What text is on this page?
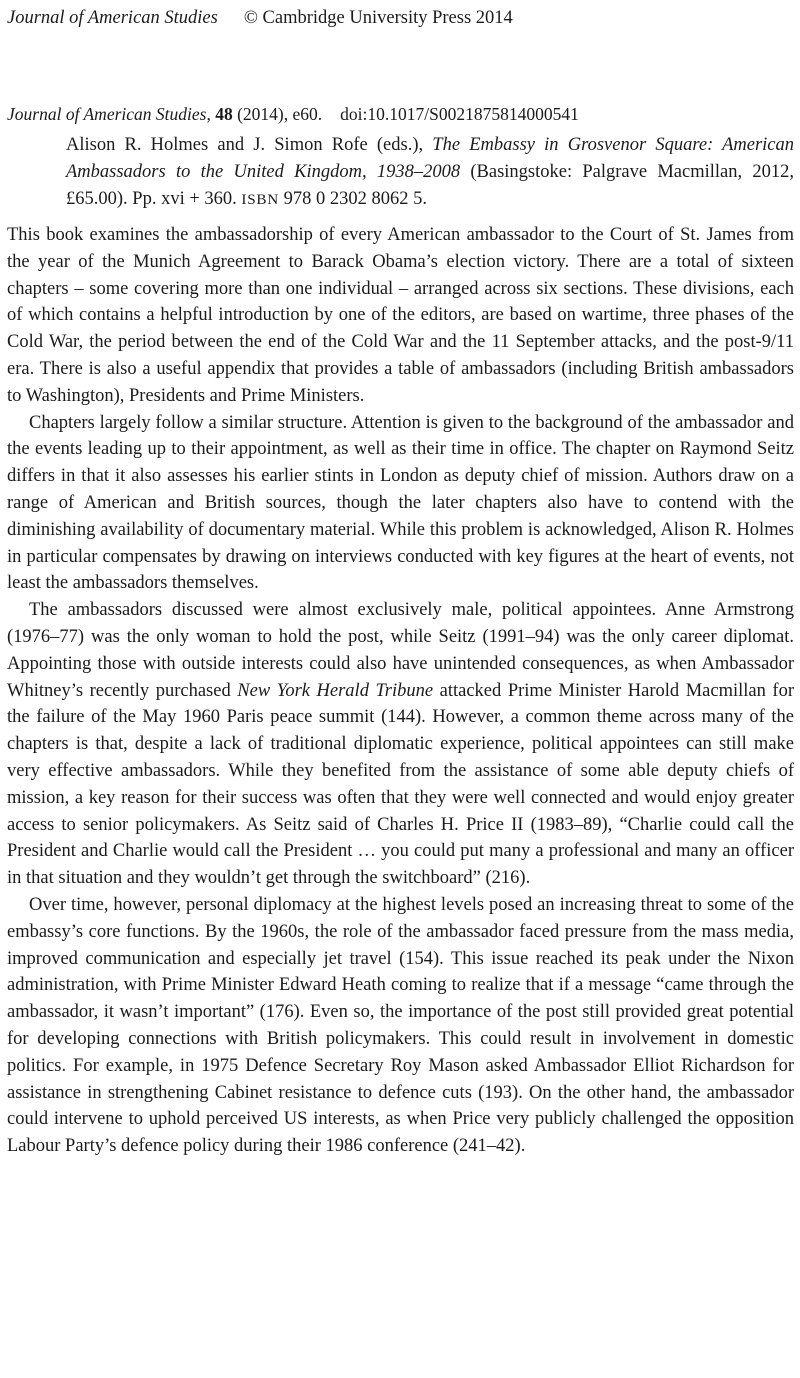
Journal of American Studies © Cambridge University Press 2014
Journal of American Studies, 48 (2014), e60. doi:10.1017/S0021875814000541
Alison R. Holmes and J. Simon Rofe (eds.), The Embassy in Grosvenor Square: American Ambassadors to the United Kingdom, 1938–2008 (Basingstoke: Palgrave Macmillan, 2012, £65.00). Pp. xvi + 360. ISBN 978 0 2302 8062 5.

This book examines the ambassadorship of every American ambassador to the Court of St. James from the year of the Munich Agreement to Barack Obama’s election victory. There are a total of sixteen chapters – some covering more than one individual – arranged across six sections. These divisions, each of which contains a helpful introduction by one of the editors, are based on wartime, three phases of the Cold War, the period between the end of the Cold War and the 11 September attacks, and the post-9/11 era. There is also a useful appendix that provides a table of ambassadors (including British ambassadors to Washington), Presidents and Prime Ministers.

Chapters largely follow a similar structure. Attention is given to the background of the ambassador and the events leading up to their appointment, as well as their time in office. The chapter on Raymond Seitz differs in that it also assesses his earlier stints in London as deputy chief of mission. Authors draw on a range of American and British sources, though the later chapters also have to contend with the diminishing availability of documentary material. While this problem is acknowledged, Alison R. Holmes in particular compensates by drawing on interviews conducted with key figures at the heart of events, not least the ambassadors themselves.

The ambassadors discussed were almost exclusively male, political appointees. Anne Armstrong (1976–77) was the only woman to hold the post, while Seitz (1991–94) was the only career diplomat. Appointing those with outside interests could also have unintended consequences, as when Ambassador Whitney’s recently purchased New York Herald Tribune attacked Prime Minister Harold Macmillan for the failure of the May 1960 Paris peace summit (144). However, a common theme across many of the chapters is that, despite a lack of traditional diplomatic experience, political appointees can still make very effective ambassadors. While they benefited from the assistance of some able deputy chiefs of mission, a key reason for their success was often that they were well connected and would enjoy greater access to senior policymakers. As Seitz said of Charles H. Price II (1983–89), “Charlie could call the President and Charlie would call the President … you could put many a professional and many an officer in that situation and they wouldn’t get through the switchboard” (216).

Over time, however, personal diplomacy at the highest levels posed an increasing threat to some of the embassy’s core functions. By the 1960s, the role of the ambassador faced pressure from the mass media, improved communication and especially jet travel (154). This issue reached its peak under the Nixon administration, with Prime Minister Edward Heath coming to realize that if a message “came through the ambassador, it wasn’t important” (176). Even so, the importance of the post still provided great potential for developing connections with British policymakers. This could result in involvement in domestic politics. For example, in 1975 Defence Secretary Roy Mason asked Ambassador Elliot Richardson for assistance in strengthening Cabinet resistance to defence cuts (193). On the other hand, the ambassador could intervene to uphold perceived US interests, as when Price very publicly challenged the opposition Labour Party’s defence policy during their 1986 conference (241–42).
